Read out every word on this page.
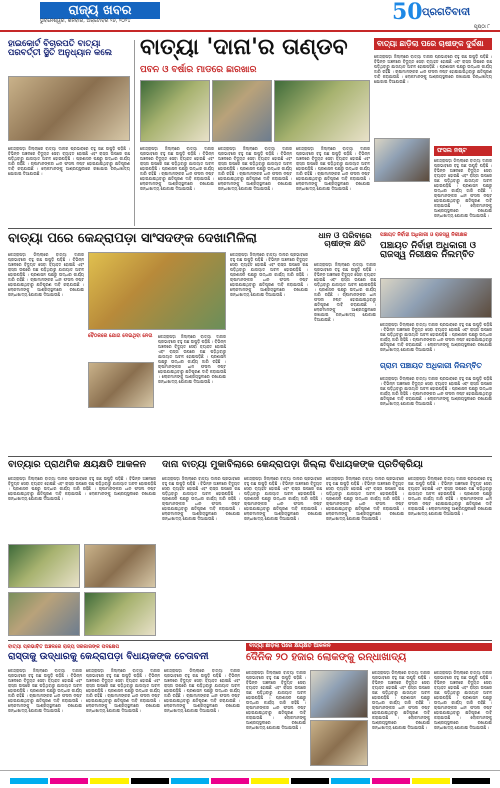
ରାଜ୍ୟ ଖବର
ଭୁବନେଶ୍ୱର, ଶନିବାର, ଅକ୍ଟୋବର ୨୬, ୨୦୨୪	50 ପ୍ରଗତିବାଦୀ
ପୃଷ୍ଠା ୮
ହାଇକୋର୍ଟ ବିଚାରପତି ବାତ୍ୟା ପରବର୍ତ୍ତୀ ସ୍ଥିତି ଅନୁଧ୍ୟାନ କଲେ
କେନ୍ଦ୍ରାପଡ଼ା ଜିଲ୍ଲାରେ ବାତ୍ୟା ଦାନାର ପ୍ରଭାବରେ ବହୁ ଗଛ ଉପୁଡ଼ି ପଡ଼ିଛି । ବିଭିନ୍ନ ଅଞ୍ଚଳରେ ବିଦ୍ୟୁତ ସେବା ବ୍ୟାହତ ହୋଇଛି ଏବଂ ରାସ୍ତା ଉପରେ ଗଛ ପଡ଼ିଥିବାରୁ ଯାତାୟାତ ଅଚଳ ହୋଇପଡ଼ିଛି । ପ୍ରଶାସନ ପକ୍ଷରୁ ଉଦ୍ଧାର କାର୍ଯ୍ୟ ଜାରି ରହିଛି । ଚାଷୀମାନଙ୍କର ଧାନ ଫସଲ ନଷ୍ଟ ହୋଇଯାଇଥିବାରୁ କ୍ଷତିପୂରଣ ଦାବି କରାଯାଉଛି । ଲୋକମାନଙ୍କୁ ଆଶ୍ରୟସ୍ଥଳୀରେ ରଖାଯାଇ ରନ୍ଧାଖାଦ୍ୟ ଯୋଗାଇ ଦିଆଯାଉଛି ।
ବାତ୍ୟା 'ଦାନା'ର ତାଣ୍ଡବ
ପବନ ଓ ବର୍ଷାର ମାଡରେ ଛାରଖାର
କେନ୍ଦ୍ରାପଡ଼ା ଜିଲ୍ଲାରେ ବାତ୍ୟା ଦାନାର ପ୍ରଭାବରେ ବହୁ ଗଛ ଉପୁଡ଼ି ପଡ଼ିଛି । ବିଭିନ୍ନ ଅଞ୍ଚଳରେ ବିଦ୍ୟୁତ ସେବା ବ୍ୟାହତ ହୋଇଛି ଏବଂ ରାସ୍ତା ଉପରେ ଗଛ ପଡ଼ିଥିବାରୁ ଯାତାୟାତ ଅଚଳ ହୋଇପଡ଼ିଛି । ପ୍ରଶାସନ ପକ୍ଷରୁ ଉଦ୍ଧାର କାର୍ଯ୍ୟ ଜାରି ରହିଛି । ଚାଷୀମାନଙ୍କର ଧାନ ଫସଲ ନଷ୍ଟ ହୋଇଯାଇଥିବାରୁ କ୍ଷତିପୂରଣ ଦାବି କରାଯାଉଛି । ଲୋକମାନଙ୍କୁ ଆଶ୍ରୟସ୍ଥଳୀରେ ରଖାଯାଇ ରନ୍ଧାଖାଦ୍ୟ ଯୋଗାଇ ଦିଆଯାଉଛି ।
କେନ୍ଦ୍ରାପଡ଼ା ଜିଲ୍ଲାରେ ବାତ୍ୟା ଦାନାର ପ୍ରଭାବରେ ବହୁ ଗଛ ଉପୁଡ଼ି ପଡ଼ିଛି । ବିଭିନ୍ନ ଅଞ୍ଚଳରେ ବିଦ୍ୟୁତ ସେବା ବ୍ୟାହତ ହୋଇଛି ଏବଂ ରାସ୍ତା ଉପରେ ଗଛ ପଡ଼ିଥିବାରୁ ଯାତାୟାତ ଅଚଳ ହୋଇପଡ଼ିଛି । ପ୍ରଶାସନ ପକ୍ଷରୁ ଉଦ୍ଧାର କାର୍ଯ୍ୟ ଜାରି ରହିଛି । ଚାଷୀମାନଙ୍କର ଧାନ ଫସଲ ନଷ୍ଟ ହୋଇଯାଇଥିବାରୁ କ୍ଷତିପୂରଣ ଦାବି କରାଯାଉଛି । ଲୋକମାନଙ୍କୁ ଆଶ୍ରୟସ୍ଥଳୀରେ ରଖାଯାଇ ରନ୍ଧାଖାଦ୍ୟ ଯୋଗାଇ ଦିଆଯାଉଛି ।
କେନ୍ଦ୍ରାପଡ଼ା ଜିଲ୍ଲାରେ ବାତ୍ୟା ଦାନାର ପ୍ରଭାବରେ ବହୁ ଗଛ ଉପୁଡ଼ି ପଡ଼ିଛି । ବିଭିନ୍ନ ଅଞ୍ଚଳରେ ବିଦ୍ୟୁତ ସେବା ବ୍ୟାହତ ହୋଇଛି ଏବଂ ରାସ୍ତା ଉପରେ ଗଛ ପଡ଼ିଥିବାରୁ ଯାତାୟାତ ଅଚଳ ହୋଇପଡ଼ିଛି । ପ୍ରଶାସନ ପକ୍ଷରୁ ଉଦ୍ଧାର କାର୍ଯ୍ୟ ଜାରି ରହିଛି । ଚାଷୀମାନଙ୍କର ଧାନ ଫସଲ ନଷ୍ଟ ହୋଇଯାଇଥିବାରୁ କ୍ଷତିପୂରଣ ଦାବି କରାଯାଉଛି । ଲୋକମାନଙ୍କୁ ଆଶ୍ରୟସ୍ଥଳୀରେ ରଖାଯାଇ ରନ୍ଧାଖାଦ୍ୟ ଯୋଗାଇ ଦିଆଯାଉଛି ।
ବାତ୍ୟା ଛାଡ଼ିଲା ପରେ ଚାଷୀଙ୍କ ଦୁର୍ଦ୍ଦଶା
କେନ୍ଦ୍ରାପଡ଼ା ଜିଲ୍ଲାରେ ବାତ୍ୟା ଦାନାର ପ୍ରଭାବରେ ବହୁ ଗଛ ଉପୁଡ଼ି ପଡ଼ିଛି । ବିଭିନ୍ନ ଅଞ୍ଚଳରେ ବିଦ୍ୟୁତ ସେବା ବ୍ୟାହତ ହୋଇଛି ଏବଂ ରାସ୍ତା ଉପରେ ଗଛ ପଡ଼ିଥିବାରୁ ଯାତାୟାତ ଅଚଳ ହୋଇପଡ଼ିଛି । ପ୍ରଶାସନ ପକ୍ଷରୁ ଉଦ୍ଧାର କାର୍ଯ୍ୟ ଜାରି ରହିଛି । ଚାଷୀମାନଙ୍କର ଧାନ ଫସଲ ନଷ୍ଟ ହୋଇଯାଇଥିବାରୁ କ୍ଷତିପୂରଣ ଦାବି କରାଯାଉଛି । ଲୋକମାନଙ୍କୁ ଆଶ୍ରୟସ୍ଥଳୀରେ ରଖାଯାଇ ରନ୍ଧାଖାଦ୍ୟ ଯୋଗାଇ ଦିଆଯାଉଛି ।
ଫସଲ ନଷ୍ଟ
କେନ୍ଦ୍ରାପଡ଼ା ଜିଲ୍ଲାରେ ବାତ୍ୟା ଦାନାର ପ୍ରଭାବରେ ବହୁ ଗଛ ଉପୁଡ଼ି ପଡ଼ିଛି । ବିଭିନ୍ନ ଅଞ୍ଚଳରେ ବିଦ୍ୟୁତ ସେବା ବ୍ୟାହତ ହୋଇଛି ଏବଂ ରାସ୍ତା ଉପରେ ଗଛ ପଡ଼ିଥିବାରୁ ଯାତାୟାତ ଅଚଳ ହୋଇପଡ଼ିଛି । ପ୍ରଶାସନ ପକ୍ଷରୁ ଉଦ୍ଧାର କାର୍ଯ୍ୟ ଜାରି ରହିଛି । ଚାଷୀମାନଙ୍କର ଧାନ ଫସଲ ନଷ୍ଟ ହୋଇଯାଇଥିବାରୁ କ୍ଷତିପୂରଣ ଦାବି କରାଯାଉଛି । ଲୋକମାନଙ୍କୁ ଆଶ୍ରୟସ୍ଥଳୀରେ ରଖାଯାଇ ରନ୍ଧାଖାଦ୍ୟ ଯୋଗାଇ ଦିଆଯାଉଛି ।
ବାତ୍ୟା ପରେ କେନ୍ଦ୍ରାପଡ଼ା ସାଂସଦଙ୍କ ଦେଖାମିଳିଲା
କେନ୍ଦ୍ରାପଡ଼ା ଜିଲ୍ଲାରେ ବାତ୍ୟା ଦାନାର ପ୍ରଭାବରେ ବହୁ ଗଛ ଉପୁଡ଼ି ପଡ଼ିଛି । ବିଭିନ୍ନ ଅଞ୍ଚଳରେ ବିଦ୍ୟୁତ ସେବା ବ୍ୟାହତ ହୋଇଛି ଏବଂ ରାସ୍ତା ଉପରେ ଗଛ ପଡ଼ିଥିବାରୁ ଯାତାୟାତ ଅଚଳ ହୋଇପଡ଼ିଛି । ପ୍ରଶାସନ ପକ୍ଷରୁ ଉଦ୍ଧାର କାର୍ଯ୍ୟ ଜାରି ରହିଛି । ଚାଷୀମାନଙ୍କର ଧାନ ଫସଲ ନଷ୍ଟ ହୋଇଯାଇଥିବାରୁ କ୍ଷତିପୂରଣ ଦାବି କରାଯାଉଛି । ଲୋକମାନଙ୍କୁ ଆଶ୍ରୟସ୍ଥଳୀରେ ରଖାଯାଇ ରନ୍ଧାଖାଦ୍ୟ ଯୋଗାଇ ଦିଆଯାଉଛି ।
ବୈଠକରେ ଯୋଗ ଦେଇଥିବା ନେତା	କେନ୍ଦ୍ରାପଡ଼ା ଜିଲ୍ଲାରେ ବାତ୍ୟା ଦାନାର ପ୍ରଭାବରେ ବହୁ ଗଛ ଉପୁଡ଼ି ପଡ଼ିଛି । ବିଭିନ୍ନ ଅଞ୍ଚଳରେ ବିଦ୍ୟୁତ ସେବା ବ୍ୟାହତ ହୋଇଛି ଏବଂ ରାସ୍ତା ଉପରେ ଗଛ ପଡ଼ିଥିବାରୁ ଯାତାୟାତ ଅଚଳ ହୋଇପଡ଼ିଛି । ପ୍ରଶାସନ ପକ୍ଷରୁ ଉଦ୍ଧାର କାର୍ଯ୍ୟ ଜାରି ରହିଛି । ଚାଷୀମାନଙ୍କର ଧାନ ଫସଲ ନଷ୍ଟ ହୋଇଯାଇଥିବାରୁ କ୍ଷତିପୂରଣ ଦାବି କରାଯାଉଛି । ଲୋକମାନଙ୍କୁ ଆଶ୍ରୟସ୍ଥଳୀରେ ରଖାଯାଇ ରନ୍ଧାଖାଦ୍ୟ ଯୋଗାଇ ଦିଆଯାଉଛି ।
କେନ୍ଦ୍ରାପଡ଼ା ଜିଲ୍ଲାରେ ବାତ୍ୟା ଦାନାର ପ୍ରଭାବରେ ବହୁ ଗଛ ଉପୁଡ଼ି ପଡ଼ିଛି । ବିଭିନ୍ନ ଅଞ୍ଚଳରେ ବିଦ୍ୟୁତ ସେବା ବ୍ୟାହତ ହୋଇଛି ଏବଂ ରାସ୍ତା ଉପରେ ଗଛ ପଡ଼ିଥିବାରୁ ଯାତାୟାତ ଅଚଳ ହୋଇପଡ଼ିଛି । ପ୍ରଶାସନ ପକ୍ଷରୁ ଉଦ୍ଧାର କାର୍ଯ୍ୟ ଜାରି ରହିଛି । ଚାଷୀମାନଙ୍କର ଧାନ ଫସଲ ନଷ୍ଟ ହୋଇଯାଇଥିବାରୁ କ୍ଷତିପୂରଣ ଦାବି କରାଯାଉଛି । ଲୋକମାନଙ୍କୁ ଆଶ୍ରୟସ୍ଥଳୀରେ ରଖାଯାଇ ରନ୍ଧାଖାଦ୍ୟ ଯୋଗାଇ ଦିଆଯାଉଛି ।
ଧାନ ଓ ପରିବାରେ ଚାଷୀଙ୍କ କ୍ଷତି
କେନ୍ଦ୍ରାପଡ଼ା ଜିଲ୍ଲାରେ ବାତ୍ୟା ଦାନାର ପ୍ରଭାବରେ ବହୁ ଗଛ ଉପୁଡ଼ି ପଡ଼ିଛି । ବିଭିନ୍ନ ଅଞ୍ଚଳରେ ବିଦ୍ୟୁତ ସେବା ବ୍ୟାହତ ହୋଇଛି ଏବଂ ରାସ୍ତା ଉପରେ ଗଛ ପଡ଼ିଥିବାରୁ ଯାତାୟାତ ଅଚଳ ହୋଇପଡ଼ିଛି । ପ୍ରଶାସନ ପକ୍ଷରୁ ଉଦ୍ଧାର କାର୍ଯ୍ୟ ଜାରି ରହିଛି । ଚାଷୀମାନଙ୍କର ଧାନ ଫସଲ ନଷ୍ଟ ହୋଇଯାଇଥିବାରୁ କ୍ଷତିପୂରଣ ଦାବି କରାଯାଉଛି । ଲୋକମାନଙ୍କୁ ଆଶ୍ରୟସ୍ଥଳୀରେ ରଖାଯାଇ ରନ୍ଧାଖାଦ୍ୟ ଯୋଗାଇ ଦିଆଯାଉଛି ।
ପଞ୍ଚାୟତ ନିର୍ବାହୀ ଅଧିକାରୀ ଓ ରାଜସ୍ୱ ନିରୀକ୍ଷକ
ପଞ୍ଚାୟତ ନିର୍ବାହୀ ଅଧିକାରୀ ଓ ରାଜସ୍ୱ ନିରୀକ୍ଷକ ନିଲମ୍ବିତ
କେନ୍ଦ୍ରାପଡ଼ା ଜିଲ୍ଲାରେ ବାତ୍ୟା ଦାନାର ପ୍ରଭାବରେ ବହୁ ଗଛ ଉପୁଡ଼ି ପଡ଼ିଛି । ବିଭିନ୍ନ ଅଞ୍ଚଳରେ ବିଦ୍ୟୁତ ସେବା ବ୍ୟାହତ ହୋଇଛି ଏବଂ ରାସ୍ତା ଉପରେ ଗଛ ପଡ଼ିଥିବାରୁ ଯାତାୟାତ ଅଚଳ ହୋଇପଡ଼ିଛି । ପ୍ରଶାସନ ପକ୍ଷରୁ ଉଦ୍ଧାର କାର୍ଯ୍ୟ ଜାରି ରହିଛି । ଚାଷୀମାନଙ୍କର ଧାନ ଫସଲ ନଷ୍ଟ ହୋଇଯାଇଥିବାରୁ କ୍ଷତିପୂରଣ ଦାବି କରାଯାଉଛି । ଲୋକମାନଙ୍କୁ ଆଶ୍ରୟସ୍ଥଳୀରେ ରଖାଯାଇ ରନ୍ଧାଖାଦ୍ୟ ଯୋଗାଇ ଦିଆଯାଉଛି ।
ଗ୍ରାମ ପଞ୍ଚାୟତ ଅଧିକାରୀ ନିଲମ୍ବିତ
କେନ୍ଦ୍ରାପଡ଼ା ଜିଲ୍ଲାରେ ବାତ୍ୟା ଦାନାର ପ୍ରଭାବରେ ବହୁ ଗଛ ଉପୁଡ଼ି ପଡ଼ିଛି । ବିଭିନ୍ନ ଅଞ୍ଚଳରେ ବିଦ୍ୟୁତ ସେବା ବ୍ୟାହତ ହୋଇଛି ଏବଂ ରାସ୍ତା ଉପରେ ଗଛ ପଡ଼ିଥିବାରୁ ଯାତାୟାତ ଅଚଳ ହୋଇପଡ଼ିଛି । ପ୍ରଶାସନ ପକ୍ଷରୁ ଉଦ୍ଧାର କାର୍ଯ୍ୟ ଜାରି ରହିଛି । ଚାଷୀମାନଙ୍କର ଧାନ ଫସଲ ନଷ୍ଟ ହୋଇଯାଇଥିବାରୁ କ୍ଷତିପୂରଣ ଦାବି କରାଯାଉଛି । ଲୋକମାନଙ୍କୁ ଆଶ୍ରୟସ୍ଥଳୀରେ ରଖାଯାଇ ରନ୍ଧାଖାଦ୍ୟ ଯୋଗାଇ ଦିଆଯାଉଛି ।
ବାତ୍ୟାର ପ୍ରାଥମିକ କ୍ଷୟକ୍ଷତି ଆକଳନ
କେନ୍ଦ୍ରାପଡ଼ା ଜିଲ୍ଲାରେ ବାତ୍ୟା ଦାନାର ପ୍ରଭାବରେ ବହୁ ଗଛ ଉପୁଡ଼ି ପଡ଼ିଛି । ବିଭିନ୍ନ ଅଞ୍ଚଳରେ ବିଦ୍ୟୁତ ସେବା ବ୍ୟାହତ ହୋଇଛି ଏବଂ ରାସ୍ତା ଉପରେ ଗଛ ପଡ଼ିଥିବାରୁ ଯାତାୟାତ ଅଚଳ ହୋଇପଡ଼ିଛି । ପ୍ରଶାସନ ପକ୍ଷରୁ ଉଦ୍ଧାର କାର୍ଯ୍ୟ ଜାରି ରହିଛି । ଚାଷୀମାନଙ୍କର ଧାନ ଫସଲ ନଷ୍ଟ ହୋଇଯାଇଥିବାରୁ କ୍ଷତିପୂରଣ ଦାବି କରାଯାଉଛି । ଲୋକମାନଙ୍କୁ ଆଶ୍ରୟସ୍ଥଳୀରେ ରଖାଯାଇ ରନ୍ଧାଖାଦ୍ୟ ଯୋଗାଇ ଦିଆଯାଉଛି ।
ଦାନା ବାତ୍ୟା ମୁକାବିଲାରେ କେନ୍ଦ୍ରାପଡ଼ା ଜିଲ୍ଲା ବିଧାୟକଙ୍କ ପ୍ରତିକ୍ରିୟା
କେନ୍ଦ୍ରାପଡ଼ା ଜିଲ୍ଲାରେ ବାତ୍ୟା ଦାନାର ପ୍ରଭାବରେ ବହୁ ଗଛ ଉପୁଡ଼ି ପଡ଼ିଛି । ବିଭିନ୍ନ ଅଞ୍ଚଳରେ ବିଦ୍ୟୁତ ସେବା ବ୍ୟାହତ ହୋଇଛି ଏବଂ ରାସ୍ତା ଉପରେ ଗଛ ପଡ଼ିଥିବାରୁ ଯାତାୟାତ ଅଚଳ ହୋଇପଡ଼ିଛି । ପ୍ରଶାସନ ପକ୍ଷରୁ ଉଦ୍ଧାର କାର୍ଯ୍ୟ ଜାରି ରହିଛି । ଚାଷୀମାନଙ୍କର ଧାନ ଫସଲ ନଷ୍ଟ ହୋଇଯାଇଥିବାରୁ କ୍ଷତିପୂରଣ ଦାବି କରାଯାଉଛି । ଲୋକମାନଙ୍କୁ ଆଶ୍ରୟସ୍ଥଳୀରେ ରଖାଯାଇ ରନ୍ଧାଖାଦ୍ୟ ଯୋଗାଇ ଦିଆଯାଉଛି ।
କେନ୍ଦ୍ରାପଡ଼ା ଜିଲ୍ଲାରେ ବାତ୍ୟା ଦାନାର ପ୍ରଭାବରେ ବହୁ ଗଛ ଉପୁଡ଼ି ପଡ଼ିଛି । ବିଭିନ୍ନ ଅଞ୍ଚଳରେ ବିଦ୍ୟୁତ ସେବା ବ୍ୟାହତ ହୋଇଛି ଏବଂ ରାସ୍ତା ଉପରେ ଗଛ ପଡ଼ିଥିବାରୁ ଯାତାୟାତ ଅଚଳ ହୋଇପଡ଼ିଛି । ପ୍ରଶାସନ ପକ୍ଷରୁ ଉଦ୍ଧାର କାର୍ଯ୍ୟ ଜାରି ରହିଛି । ଚାଷୀମାନଙ୍କର ଧାନ ଫସଲ ନଷ୍ଟ ହୋଇଯାଇଥିବାରୁ କ୍ଷତିପୂରଣ ଦାବି କରାଯାଉଛି । ଲୋକମାନଙ୍କୁ ଆଶ୍ରୟସ୍ଥଳୀରେ ରଖାଯାଇ ରନ୍ଧାଖାଦ୍ୟ ଯୋଗାଇ ଦିଆଯାଉଛି ।
କେନ୍ଦ୍ରାପଡ଼ା ଜିଲ୍ଲାରେ ବାତ୍ୟା ଦାନାର ପ୍ରଭାବରେ ବହୁ ଗଛ ଉପୁଡ଼ି ପଡ଼ିଛି । ବିଭିନ୍ନ ଅଞ୍ଚଳରେ ବିଦ୍ୟୁତ ସେବା ବ୍ୟାହତ ହୋଇଛି ଏବଂ ରାସ୍ତା ଉପରେ ଗଛ ପଡ଼ିଥିବାରୁ ଯାତାୟାତ ଅଚଳ ହୋଇପଡ଼ିଛି । ପ୍ରଶାସନ ପକ୍ଷରୁ ଉଦ୍ଧାର କାର୍ଯ୍ୟ ଜାରି ରହିଛି । ଚାଷୀମାନଙ୍କର ଧାନ ଫସଲ ନଷ୍ଟ ହୋଇଯାଇଥିବାରୁ କ୍ଷତିପୂରଣ ଦାବି କରାଯାଉଛି । ଲୋକମାନଙ୍କୁ ଆଶ୍ରୟସ୍ଥଳୀରେ ରଖାଯାଇ ରନ୍ଧାଖାଦ୍ୟ ଯୋଗାଇ ଦିଆଯାଉଛି ।
କେନ୍ଦ୍ରାପଡ଼ା ଜିଲ୍ଲାରେ ବାତ୍ୟା ଦାନାର ପ୍ରଭାବରେ ବହୁ ଗଛ ଉପୁଡ଼ି ପଡ଼ିଛି । ବିଭିନ୍ନ ଅଞ୍ଚଳରେ ବିଦ୍ୟୁତ ସେବା ବ୍ୟାହତ ହୋଇଛି ଏବଂ ରାସ୍ତା ଉପରେ ଗଛ ପଡ଼ିଥିବାରୁ ଯାତାୟାତ ଅଚଳ ହୋଇପଡ଼ିଛି । ପ୍ରଶାସନ ପକ୍ଷରୁ ଉଦ୍ଧାର କାର୍ଯ୍ୟ ଜାରି ରହିଛି । ଚାଷୀମାନଙ୍କର ଧାନ ଫସଲ ନଷ୍ଟ ହୋଇଯାଇଥିବାରୁ କ୍ଷତିପୂରଣ ଦାବି କରାଯାଉଛି । ଲୋକମାନଙ୍କୁ ଆଶ୍ରୟସ୍ଥଳୀରେ ରଖାଯାଇ ରନ୍ଧାଖାଦ୍ୟ ଯୋଗାଇ ଦିଆଯାଉଛି ।
ବାତ୍ୟା ପ୍ରଭାବିତ ଅଞ୍ଚଳରେ ରାଜ୍ୟ ସରକାରଙ୍କ ପଦକ୍ଷେପ
ରାସ୍ତାକୁ ଉଦ୍ଧାରକୁ କେନ୍ଦ୍ରାପଡ଼ା ବିଧାୟକଙ୍କ ଚେତାବନୀ
କେନ୍ଦ୍ରାପଡ଼ା ଜିଲ୍ଲାରେ ବାତ୍ୟା ଦାନାର ପ୍ରଭାବରେ ବହୁ ଗଛ ଉପୁଡ଼ି ପଡ଼ିଛି । ବିଭିନ୍ନ ଅଞ୍ଚଳରେ ବିଦ୍ୟୁତ ସେବା ବ୍ୟାହତ ହୋଇଛି ଏବଂ ରାସ୍ତା ଉପରେ ଗଛ ପଡ଼ିଥିବାରୁ ଯାତାୟାତ ଅଚଳ ହୋଇପଡ଼ିଛି । ପ୍ରଶାସନ ପକ୍ଷରୁ ଉଦ୍ଧାର କାର୍ଯ୍ୟ ଜାରି ରହିଛି । ଚାଷୀମାନଙ୍କର ଧାନ ଫସଲ ନଷ୍ଟ ହୋଇଯାଇଥିବାରୁ କ୍ଷତିପୂରଣ ଦାବି କରାଯାଉଛି । ଲୋକମାନଙ୍କୁ ଆଶ୍ରୟସ୍ଥଳୀରେ ରଖାଯାଇ ରନ୍ଧାଖାଦ୍ୟ ଯୋଗାଇ ଦିଆଯାଉଛି ।
କେନ୍ଦ୍ରାପଡ଼ା ଜିଲ୍ଲାରେ ବାତ୍ୟା ଦାନାର ପ୍ରଭାବରେ ବହୁ ଗଛ ଉପୁଡ଼ି ପଡ଼ିଛି । ବିଭିନ୍ନ ଅଞ୍ଚଳରେ ବିଦ୍ୟୁତ ସେବା ବ୍ୟାହତ ହୋଇଛି ଏବଂ ରାସ୍ତା ଉପରେ ଗଛ ପଡ଼ିଥିବାରୁ ଯାତାୟାତ ଅଚଳ ହୋଇପଡ଼ିଛି । ପ୍ରଶାସନ ପକ୍ଷରୁ ଉଦ୍ଧାର କାର୍ଯ୍ୟ ଜାରି ରହିଛି । ଚାଷୀମାନଙ୍କର ଧାନ ଫସଲ ନଷ୍ଟ ହୋଇଯାଇଥିବାରୁ କ୍ଷତିପୂରଣ ଦାବି କରାଯାଉଛି । ଲୋକମାନଙ୍କୁ ଆଶ୍ରୟସ୍ଥଳୀରେ ରଖାଯାଇ ରନ୍ଧାଖାଦ୍ୟ ଯୋଗାଇ ଦିଆଯାଉଛି ।
କେନ୍ଦ୍ରାପଡ଼ା ଜିଲ୍ଲାରେ ବାତ୍ୟା ଦାନାର ପ୍ରଭାବରେ ବହୁ ଗଛ ଉପୁଡ଼ି ପଡ଼ିଛି । ବିଭିନ୍ନ ଅଞ୍ଚଳରେ ବିଦ୍ୟୁତ ସେବା ବ୍ୟାହତ ହୋଇଛି ଏବଂ ରାସ୍ତା ଉପରେ ଗଛ ପଡ଼ିଥିବାରୁ ଯାତାୟାତ ଅଚଳ ହୋଇପଡ଼ିଛି । ପ୍ରଶାସନ ପକ୍ଷରୁ ଉଦ୍ଧାର କାର୍ଯ୍ୟ ଜାରି ରହିଛି । ଚାଷୀମାନଙ୍କର ଧାନ ଫସଲ ନଷ୍ଟ ହୋଇଯାଇଥିବାରୁ କ୍ଷତିପୂରଣ ଦାବି କରାଯାଉଛି । ଲୋକମାନଙ୍କୁ ଆଶ୍ରୟସ୍ଥଳୀରେ ରଖାଯାଇ ରନ୍ଧାଖାଦ୍ୟ ଯୋଗାଇ ଦିଆଯାଉଛି ।
ବାତ୍ୟା ଛାଡ଼ିଲା ପରେ କ୍ଷୟକ୍ଷତି ଆକଳନ
ଦୈନିକ ୨୦ ହଜାର ଲୋକଙ୍କୁ ରନ୍ଧାଖାଦ୍ୟ
କେନ୍ଦ୍ରାପଡ଼ା ଜିଲ୍ଲାରେ ବାତ୍ୟା ଦାନାର ପ୍ରଭାବରେ ବହୁ ଗଛ ଉପୁଡ଼ି ପଡ଼ିଛି । ବିଭିନ୍ନ ଅଞ୍ଚଳରେ ବିଦ୍ୟୁତ ସେବା ବ୍ୟାହତ ହୋଇଛି ଏବଂ ରାସ୍ତା ଉପରେ ଗଛ ପଡ଼ିଥିବାରୁ ଯାତାୟାତ ଅଚଳ ହୋଇପଡ଼ିଛି । ପ୍ରଶାସନ ପକ୍ଷରୁ ଉଦ୍ଧାର କାର୍ଯ୍ୟ ଜାରି ରହିଛି । ଚାଷୀମାନଙ୍କର ଧାନ ଫସଲ ନଷ୍ଟ ହୋଇଯାଇଥିବାରୁ କ୍ଷତିପୂରଣ ଦାବି କରାଯାଉଛି । ଲୋକମାନଙ୍କୁ ଆଶ୍ରୟସ୍ଥଳୀରେ ରଖାଯାଇ ରନ୍ଧାଖାଦ୍ୟ ଯୋଗାଇ ଦିଆଯାଉଛି ।
କେନ୍ଦ୍ରାପଡ଼ା ଜିଲ୍ଲାରେ ବାତ୍ୟା ଦାନାର ପ୍ରଭାବରେ ବହୁ ଗଛ ଉପୁଡ଼ି ପଡ଼ିଛି । ବିଭିନ୍ନ ଅଞ୍ଚଳରେ ବିଦ୍ୟୁତ ସେବା ବ୍ୟାହତ ହୋଇଛି ଏବଂ ରାସ୍ତା ଉପରେ ଗଛ ପଡ଼ିଥିବାରୁ ଯାତାୟାତ ଅଚଳ ହୋଇପଡ଼ିଛି । ପ୍ରଶାସନ ପକ୍ଷରୁ ଉଦ୍ଧାର କାର୍ଯ୍ୟ ଜାରି ରହିଛି । ଚାଷୀମାନଙ୍କର ଧାନ ଫସଲ ନଷ୍ଟ ହୋଇଯାଇଥିବାରୁ କ୍ଷତିପୂରଣ ଦାବି କରାଯାଉଛି । ଲୋକମାନଙ୍କୁ ଆଶ୍ରୟସ୍ଥଳୀରେ ରଖାଯାଇ ରନ୍ଧାଖାଦ୍ୟ ଯୋଗାଇ ଦିଆଯାଉଛି ।
କେନ୍ଦ୍ରାପଡ଼ା ଜିଲ୍ଲାରେ ବାତ୍ୟା ଦାନାର ପ୍ରଭାବରେ ବହୁ ଗଛ ଉପୁଡ଼ି ପଡ଼ିଛି । ବିଭିନ୍ନ ଅଞ୍ଚଳରେ ବିଦ୍ୟୁତ ସେବା ବ୍ୟାହତ ହୋଇଛି ଏବଂ ରାସ୍ତା ଉପରେ ଗଛ ପଡ଼ିଥିବାରୁ ଯାତାୟାତ ଅଚଳ ହୋଇପଡ଼ିଛି । ପ୍ରଶାସନ ପକ୍ଷରୁ ଉଦ୍ଧାର କାର୍ଯ୍ୟ ଜାରି ରହିଛି । ଚାଷୀମାନଙ୍କର ଧାନ ଫସଲ ନଷ୍ଟ ହୋଇଯାଇଥିବାରୁ କ୍ଷତିପୂରଣ ଦାବି କରାଯାଉଛି । ଲୋକମାନଙ୍କୁ ଆଶ୍ରୟସ୍ଥଳୀରେ ରଖାଯାଇ ରନ୍ଧାଖାଦ୍ୟ ଯୋଗାଇ ଦିଆଯାଉଛି ।
